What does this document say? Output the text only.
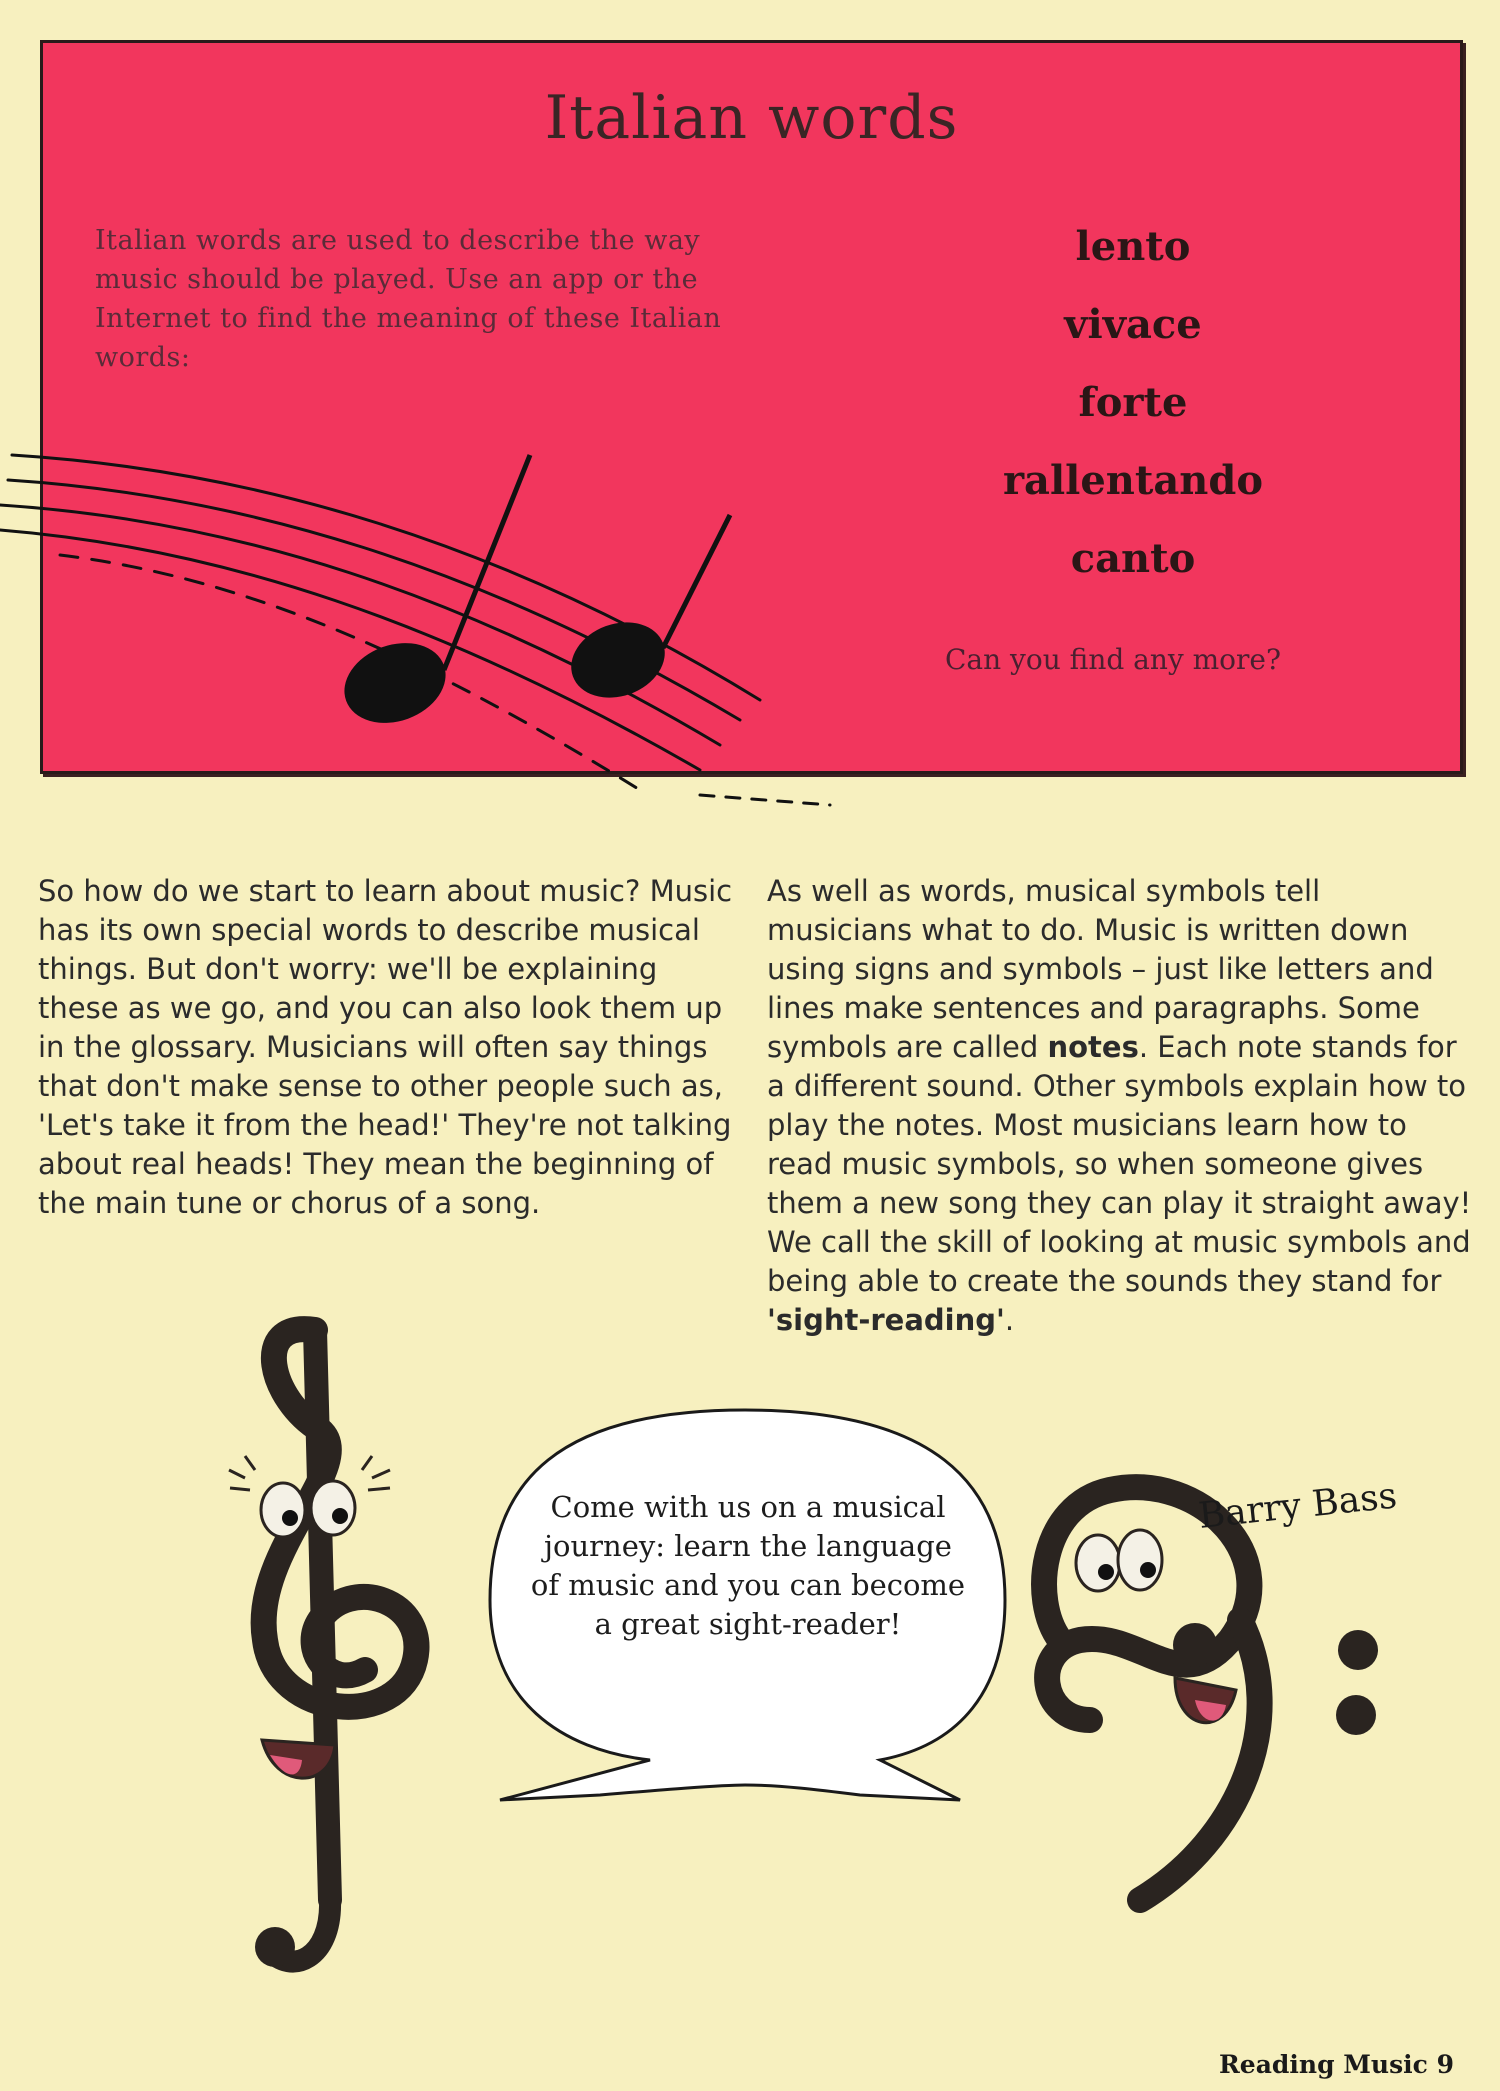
Italian words
Italian words are used to describe the way music should be played. Use an app or the Internet to find the meaning of these Italian words:
lento
vivace
forte
rallentando
canto
Can you find any more?

So how do we start to learn about music? Music has its own special words to describe musical things. But don't worry: we'll be explaining these as we go, and you can also look them up in the glossary. Musicians will often say things that don't make sense to other people such as, 'Let's take it from the head!' They're not talking about real heads! They mean the beginning of the main tune or chorus of a song.

As well as words, musical symbols tell musicians what to do. Music is written down using signs and symbols – just like letters and lines make sentences and paragraphs. Some symbols are called notes. Each note stands for a different sound. Other symbols explain how to play the notes. Most musicians learn how to read music symbols, so when someone gives them a new song they can play it straight away! We call the skill of looking at music symbols and being able to create the sounds they stand for 'sight-reading'.

Barry Bass
Come with us on a musical journey: learn the language of music and you can become a great sight-reader!
Reading Music 9
